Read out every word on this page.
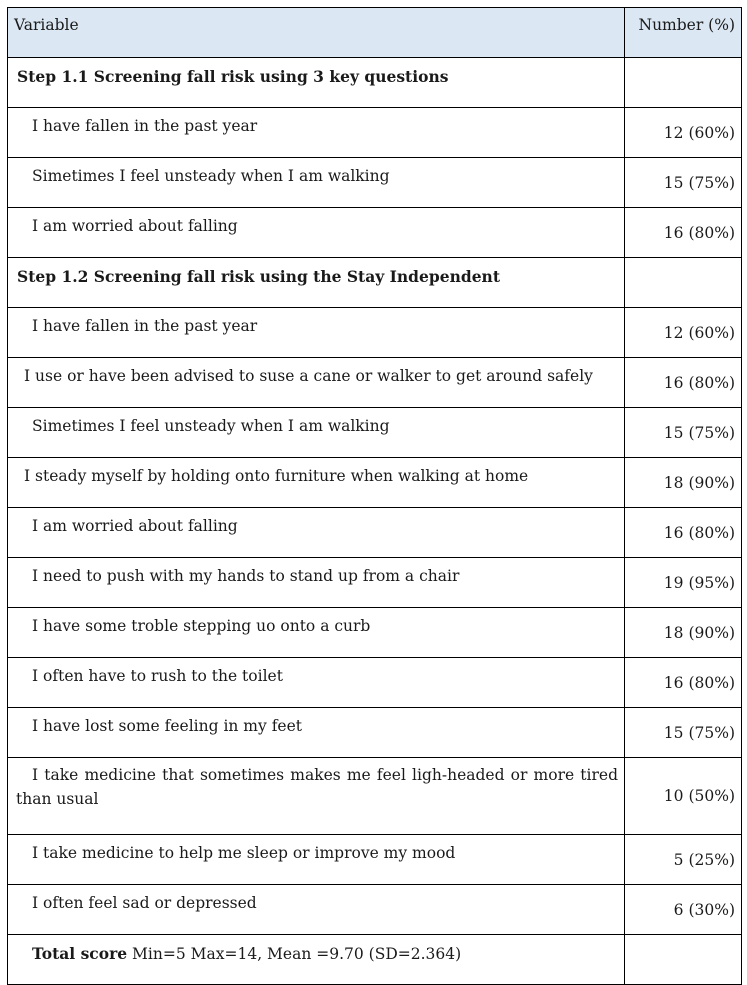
Variable	Number (%)
Step 1.1 Screening fall risk using 3 key questions	
I have fallen in the past year	12 (60%)
Simetimes I feel unsteady when I am walking	15 (75%)
I am worried about falling	16 (80%)
Step 1.2 Screening fall risk using the Stay Independent	
I have fallen in the past year	12 (60%)
I use or have been advised to suse a cane or walker to get around safely	16 (80%)
Simetimes I feel unsteady when I am walking	15 (75%)
I steady myself by holding onto furniture when walking at home	18 (90%)
I am worried about falling	16 (80%)
I need to push with my hands to stand up from a chair	19 (95%)
I have some troble stepping uo onto a curb	18 (90%)
I often have to rush to the toilet	16 (80%)
I have lost some feeling in my feet	15 (75%)
I take medicine that sometimes makes me feel ligh-headed or more tired than usual	10 (50%)
I take medicine to help me sleep or improve my mood	5 (25%)
I often feel sad or depressed	6 (30%)
Total score Min=5 Max=14, Mean =9.70 (SD=2.364)	
